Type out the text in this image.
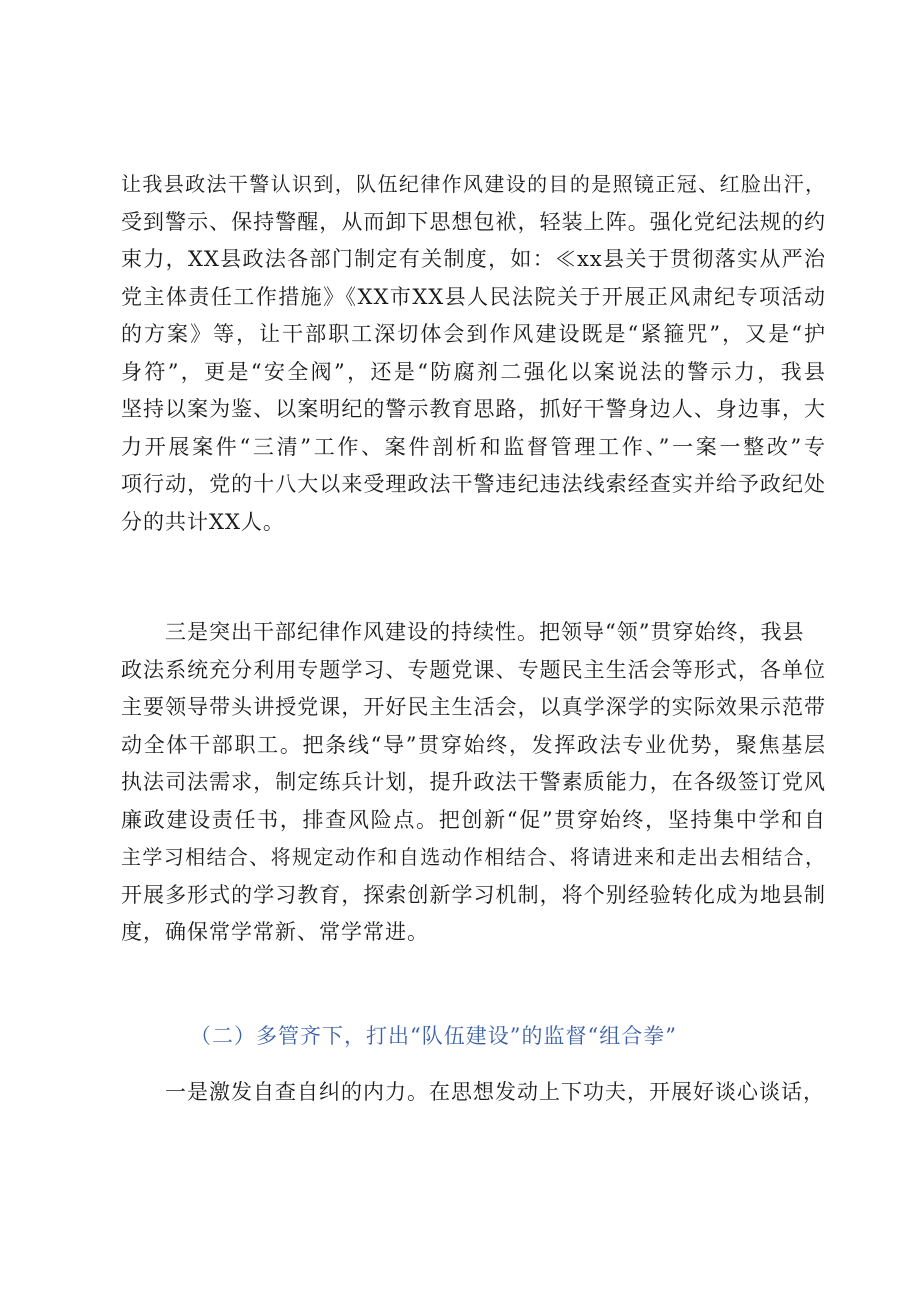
让我县政法干警认识到，队伍纪律作风建设的目的是照镜正冠、红脸出汗，
受到警示、保持警醒，从而卸下思想包袱，轻装上阵。强化党纪法规的约
束力，XX县政法各部门制定有关制度，如：≪xx县关于贯彻落实从严治
党主体责任工作措施》《XX市XX县人民法院关于开展正风肃纪专项活动
的方案》等，让干部职工深切体会到作风建设既是“紧箍咒”，又是“护
身符”，更是“安全阀”，还是“防腐剂二强化以案说法的警示力，我县
坚持以案为鉴、以案明纪的警示教育思路，抓好干警身边人、身边事，大
力开展案件“三清”工作、案件剖析和监督管理工作、”一案一整改”专
项行动，党的十八大以来受理政法干警违纪违法线索经查实并给予政纪处
分的共计XX人。
　　三是突出干部纪律作风建设的持续性。把领导“领”贯穿始终，我县
政法系统充分利用专题学习、专题党课、专题民主生活会等形式，各单位
主要领导带头讲授党课，开好民主生活会，以真学深学的实际效果示范带
动全体干部职工。把条线“导”贯穿始终，发挥政法专业优势，聚焦基层
执法司法需求，制定练兵计划，提升政法干警素质能力，在各级签订党风
廉政建设责任书，排查风险点。把创新“促”贯穿始终，坚持集中学和自
主学习相结合、将规定动作和自选动作相结合、将请进来和走出去相结合，
开展多形式的学习教育，探索创新学习机制，将个别经验转化成为地县制
度，确保常学常新、常学常进。
（二）多管齐下，打出“队伍建设”的监督“组合拳”
　　一是激发自查自纠的内力。在思想发动上下功夫，开展好谈心谈话，
